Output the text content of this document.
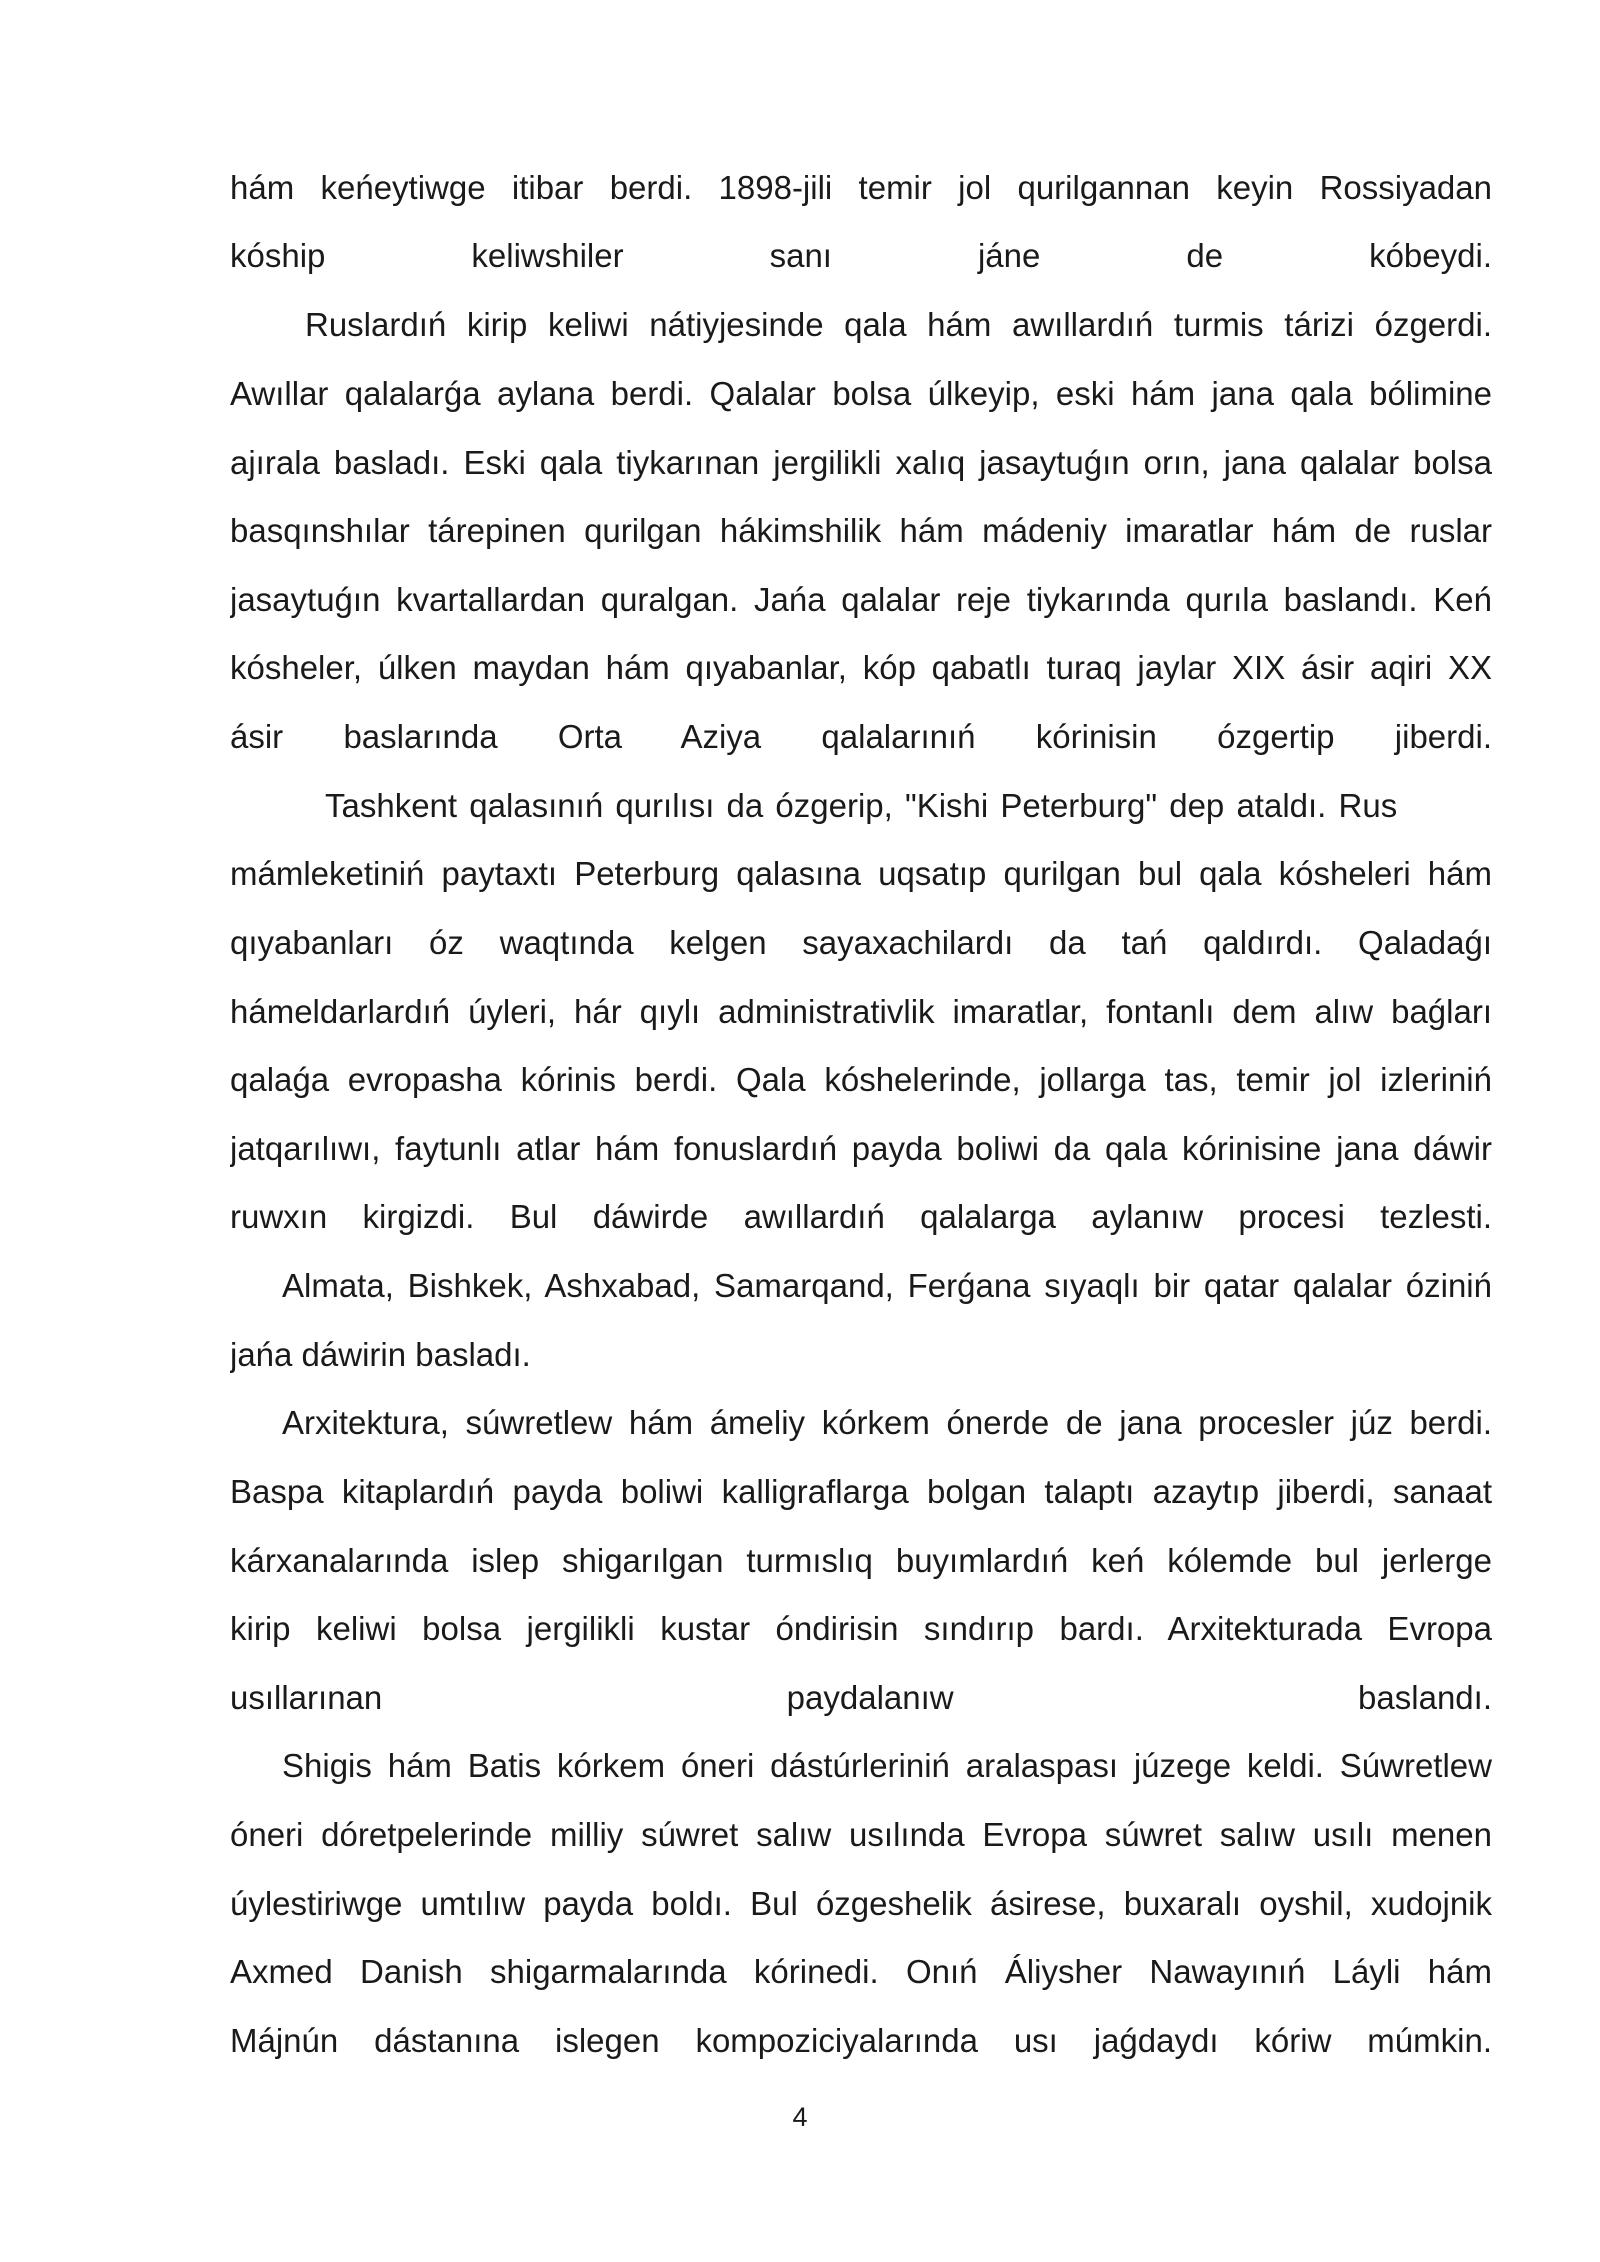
hám keńeytiwge itibar berdi. 1898-jili temir jol qurilgannan keyin Rossiyadan
kóship keliwshiler sanı jáne de kóbeydi.
Ruslardıń kirip keliwi nátiyjesinde qala hám awıllardıń turmis tárizi ózgerdi.
Awıllar qalalarǵa aylana berdi. Qalalar bolsa úlkeyip, eski hám jana qala bólimine
ajırala basladı. Eski qala tiykarınan jergilikli xalıq jasaytuǵın orın, jana qalalar bolsa
basqınshılar tárepinen qurilgan hákimshilik hám mádeniy imaratlar hám de ruslar
jasaytuǵın kvartallardan quralgan. Jańa qalalar reje tiykarında qurıla baslandı. Keń
kósheler, úlken maydan hám qıyabanlar, kóp qabatlı turaq jaylar XIX ásir aqiri XX
ásir baslarında Orta Aziya qalalarınıń kórinisin ózgertip jiberdi.
Tashkent qalasınıń qurılısı da ózgerip, "Kishi Peterburg" dep ataldı. Rus
mámleketiniń paytaxtı Peterburg qalasına uqsatıp qurilgan bul qala kósheleri hám
qıyabanları óz waqtında kelgen sayaxachilardı da tań qaldırdı. Qaladaǵı
hámeldarlardıń úyleri, hár qıylı administrativlik imaratlar, fontanlı dem alıw baǵları
qalaǵa evropasha kórinis berdi. Qala kóshelerinde, jollarga tas, temir jol izleriniń
jatqarılıwı, faytunlı atlar hám fonuslardıń payda boliwi da qala kórinisine jana dáwir
ruwxın kirgizdi. Bul dáwirde awıllardıń qalalarga aylanıw procesi tezlesti.
Almata, Bishkek, Ashxabad, Samarqand, Ferǵana sıyaqlı bir qatar qalalar óziniń
jańa dáwirin basladı.
Arxitektura, súwretlew hám ámeliy kórkem ónerde de jana procesler júz berdi.
Baspa kitaplardıń payda boliwi kalligraflarga bolgan talaptı azaytıp jiberdi, sanaat
kárxanalarında islep shigarılgan turmıslıq buyımlardıń keń kólemde bul jerlerge
kirip keliwi bolsa jergilikli kustar óndirisin sındırıp bardı. Arxitekturada Evropa
usıllarınan paydalanıw baslandı.
Shigis hám Batis kórkem óneri dástúrleriniń aralaspası júzege keldi. Súwretlew
óneri dóretpelerinde milliy súwret salıw usılında Evropa súwret salıw usılı menen
úylestiriwge umtılıw payda boldı. Bul ózgeshelik ásirese, buxaralı oyshil, xudojnik
Axmed Danish shigarmalarında kórinedi. Onıń Áliysher Nawayınıń Láyli hám
Májnún dástanına islegen kompoziciyalarında usı jaǵdaydı kóriw múmkin.
4
